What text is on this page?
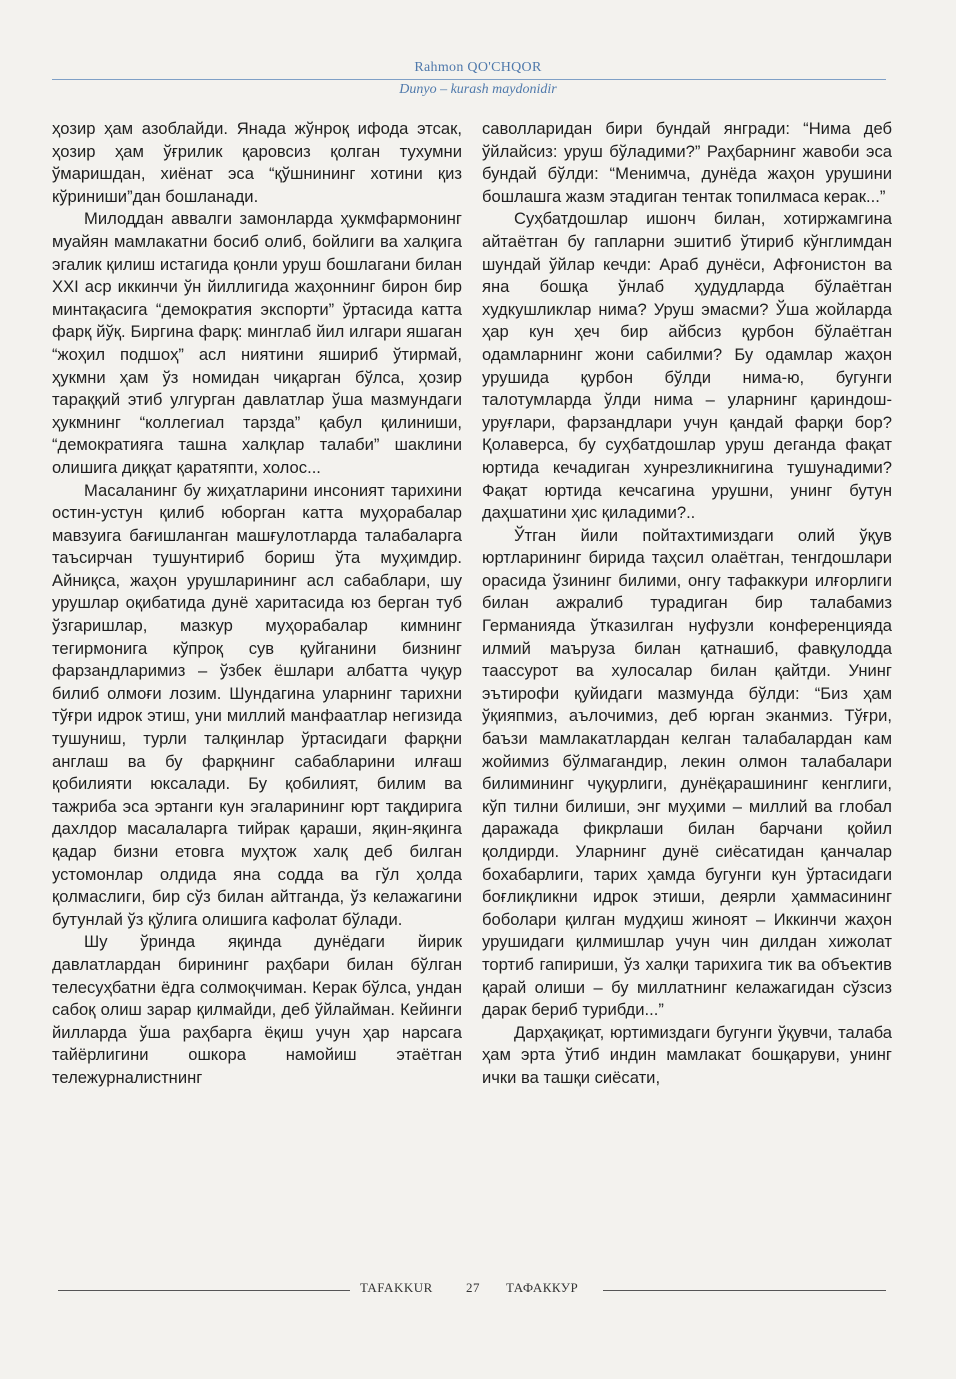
Rahmon QO'CHQOR
Dunyo – kurash maydonidir

ҳозир ҳам азоблайди. Янада жўнроқ ифода этсак, ҳозир ҳам ўғрилик қаровсиз қолган тухумни ўмаришдан, хиёнат эса “қўшнининг хотини қиз кўриниши”дан бошланади.

Милоддан аввалги замонларда ҳукмфармонинг муайян мамлакатни босиб олиб, бойлиги ва халқига эгалик қилиш истагида қонли уруш бошлагани билан XXI аср иккинчи ўн йиллигида жаҳоннинг бирон бир минтақасига “демократия экспорти” ўртасида катта фарқ йўқ. Биргина фарқ: минглаб йил илгари яшаган “жоҳил подшоҳ” асл ниятини яшириб ўтирмай, ҳукмни ҳам ўз номидан чиқарган бўлса, ҳозир тараққий этиб улгурган давлатлар ўша мазмундаги ҳукмнинг “коллегиал тарзда” қабул қилиниши, “демократияга ташна халқлар талаби” шаклини олишига диққат қаратяпти, холос...

Масаланинг бу жиҳатларини инсоният тарихини остин-устун қилиб юборган катта муҳорабалар мавзуига бағишланган машғулотларда талабаларга таъсирчан тушунтириб бориш ўта муҳимдир. Айниқса, жаҳон урушларининг асл сабаблари, шу урушлар оқибатида дунё харитасида юз берган туб ўзгаришлар, мазкур муҳорабалар кимнинг тегирмонига кўпроқ сув қуйганини бизнинг фарзандларимиз – ўзбек ёшлари албатта чуқур билиб олмоғи лозим. Шундагина уларнинг тарихни тўғри идрок этиш, уни миллий манфаатлар негизида тушуниш, турли талқинлар ўртасидаги фарқни англаш ва бу фарқнинг сабабларини илғаш қобилияти юксалади. Бу қобилият, билим ва тажриба эса эртанги кун эгаларининг юрт тақдирига дахлдор масалаларга тийрак қараши, яқин-яқинга қадар бизни етовга муҳтож халқ деб билган устомонлар олдида яна содда ва гўл ҳолда қолмаслиги, бир сўз билан айтганда, ўз келажагини бутунлай ўз қўлига олишига кафолат бўлади.

Шу ўринда яқинда дунёдаги йирик давлатлардан бирининг раҳбари билан бўлган телесуҳбатни ёдга солмоқчиман. Керак бўлса, ундан сабоқ олиш зарар қилмайди, деб ўйлайман. Кейинги йилларда ўша раҳбарга ёқиш учун ҳар нарсага тайёрлигини ошкора намойиш этаётган тележурналистнинг

саволларидан бири бундай янгради: “Нима деб ўйлайсиз: уруш бўладими?” Раҳбарнинг жавоби эса бундай бўлди: “Менимча, дунёда жаҳон урушини бошлашга жазм этадиган тентак топилмаса керак...”

Суҳбатдошлар ишонч билан, хотиржамгина айтаётган бу гапларни эшитиб ўтириб кўнглимдан шундай ўйлар кечди: Араб дунёси, Афғонистон ва яна бошқа ўнлаб ҳудудларда бўлаётган худкушликлар нима? Уруш эмасми? Ўша жойларда ҳар кун ҳеч бир айбсиз қурбон бўлаётган одамларнинг жони сабилми? Бу одамлар жаҳон урушида қурбон бўлди нима-ю, бугунги талотумларда ўлди нима – уларнинг қариндош-уруғлари, фарзандлари учун қандай фарқи бор? Қолаверса, бу суҳбатдошлар уруш деганда фақат юртида кечадиган хунрезликнигина тушунадими? Фақат юртида кечсагина урушни, унинг бутун даҳшатини ҳис қиладими?..

Ўтган йили пойтахтимиздаги олий ўқув юртларининг бирида таҳсил олаётган, тенгдошлари орасида ўзининг билими, онгу тафаккури илғорлиги билан ажралиб турадиган бир талабамиз Германияда ўтказилган нуфузли конференцияда илмий маъруза билан қатнашиб, фавқулодда таассурот ва хулосалар билан қайтди. Унинг эътирофи қуйидаги мазмунда бўлди: “Биз ҳам ўқияпмиз, аълочимиз, деб юрган эканмиз. Тўғри, баъзи мамлакатлардан келган талабалардан кам жойимиз бўлмагандир, лекин олмон талабалари билимининг чуқурлиги, дунёқарашининг кенглиги, кўп тилни билиши, энг муҳими – миллий ва глобал даражада фикрлаши билан барчани қойил қолдирди. Уларнинг дунё сиёсатидан қанчалар бохабарлиги, тарих ҳамда бугунги кун ўртасидаги боғлиқликни идрок этиши, деярли ҳаммасининг боболари қилган мудҳиш жиноят – Иккинчи жаҳон урушидаги қилмишлар учун чин дилдан хижолат тортиб гапириши, ўз халқи тарихига тик ва объектив қарай олиши – бу миллатнинг келажагидан сўзсиз дарак бериб турибди...”

Дарҳақиқат, юртимиздаги бугунги ўқувчи, талаба ҳам эрта ўтиб индин мамлакат бошқаруви, унинг ички ва ташқи сиёсати,

TAFAKKUR	27 ТАФАККУР
